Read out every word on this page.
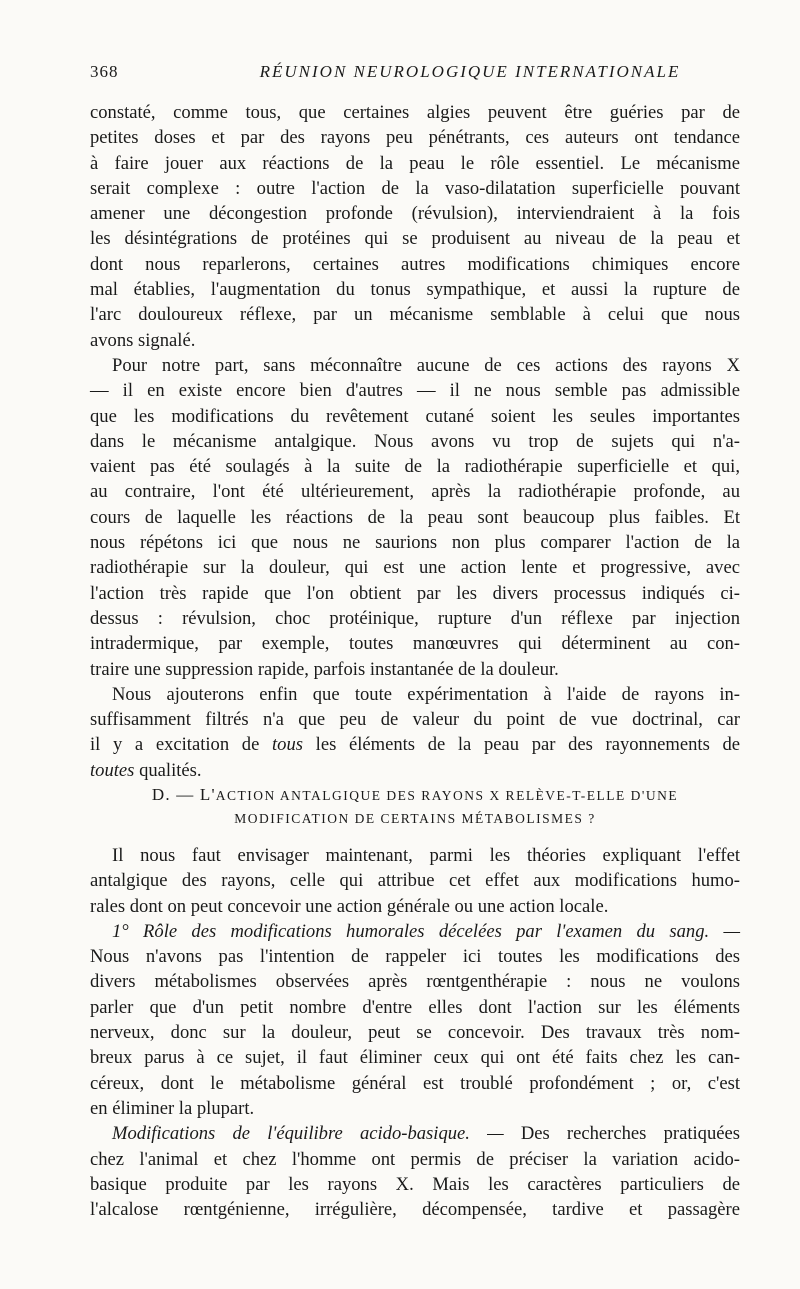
368	RÉUNION NEUROLOGIQUE INTERNATIONALE
constaté, comme tous, que certaines algies peuvent être guéries par de
petites doses et par des rayons peu pénétrants, ces auteurs ont tendance
à faire jouer aux réactions de la peau le rôle essentiel. Le mécanisme
serait complexe : outre l'action de la vaso-dilatation superficielle pouvant
amener une décongestion profonde (révulsion), interviendraient à la fois
les désintégrations de protéines qui se produisent au niveau de la peau et
dont nous reparlerons, certaines autres modifications chimiques encore
mal établies, l'augmentation du tonus sympathique, et aussi la rupture de
l'arc douloureux réflexe, par un mécanisme semblable à celui que nous
avons signalé.
Pour notre part, sans méconnaître aucune de ces actions des rayons X
— il en existe encore bien d'autres — il ne nous semble pas admissible
que les modifications du revêtement cutané soient les seules importantes
dans le mécanisme antalgique. Nous avons vu trop de sujets qui n'a-
vaient pas été soulagés à la suite de la radiothérapie superficielle et qui,
au contraire, l'ont été ultérieurement, après la radiothérapie profonde, au
cours de laquelle les réactions de la peau sont beaucoup plus faibles. Et
nous répétons ici que nous ne saurions non plus comparer l'action de la
radiothérapie sur la douleur, qui est une action lente et progressive, avec
l'action très rapide que l'on obtient par les divers processus indiqués ci-
dessus : révulsion, choc protéinique, rupture d'un réflexe par injection
intradermique, par exemple, toutes manœuvres qui déterminent au con-
traire une suppression rapide, parfois instantanée de la douleur.
Nous ajouterons enfin que toute expérimentation à l'aide de rayons in-
suffisamment filtrés n'a que peu de valeur du point de vue doctrinal, car
il y a excitation de tous les éléments de la peau par des rayonnements de
toutes qualités.
D. — L'ACTION ANTALGIQUE DES RAYONS X RELÈVE-T-ELLE D'UNE
MODIFICATION DE CERTAINS MÉTABOLISMES ?
Il nous faut envisager maintenant, parmi les théories expliquant l'effet
antalgique des rayons, celle qui attribue cet effet aux modifications humo-
rales dont on peut concevoir une action générale ou une action locale.
1° Rôle des modifications humorales décelées par l'examen du sang. —
Nous n'avons pas l'intention de rappeler ici toutes les modifications des
divers métabolismes observées après rœntgenthérapie : nous ne voulons
parler que d'un petit nombre d'entre elles dont l'action sur les éléments
nerveux, donc sur la douleur, peut se concevoir. Des travaux très nom-
breux parus à ce sujet, il faut éliminer ceux qui ont été faits chez les can-
céreux, dont le métabolisme général est troublé profondément ; or, c'est
en éliminer la plupart.
Modifications de l'équilibre acido-basique. — Des recherches pratiquées
chez l'animal et chez l'homme ont permis de préciser la variation acido-
basique produite par les rayons X. Mais les caractères particuliers de
l'alcalose rœntgénienne, irrégulière, décompensée, tardive et passagère
